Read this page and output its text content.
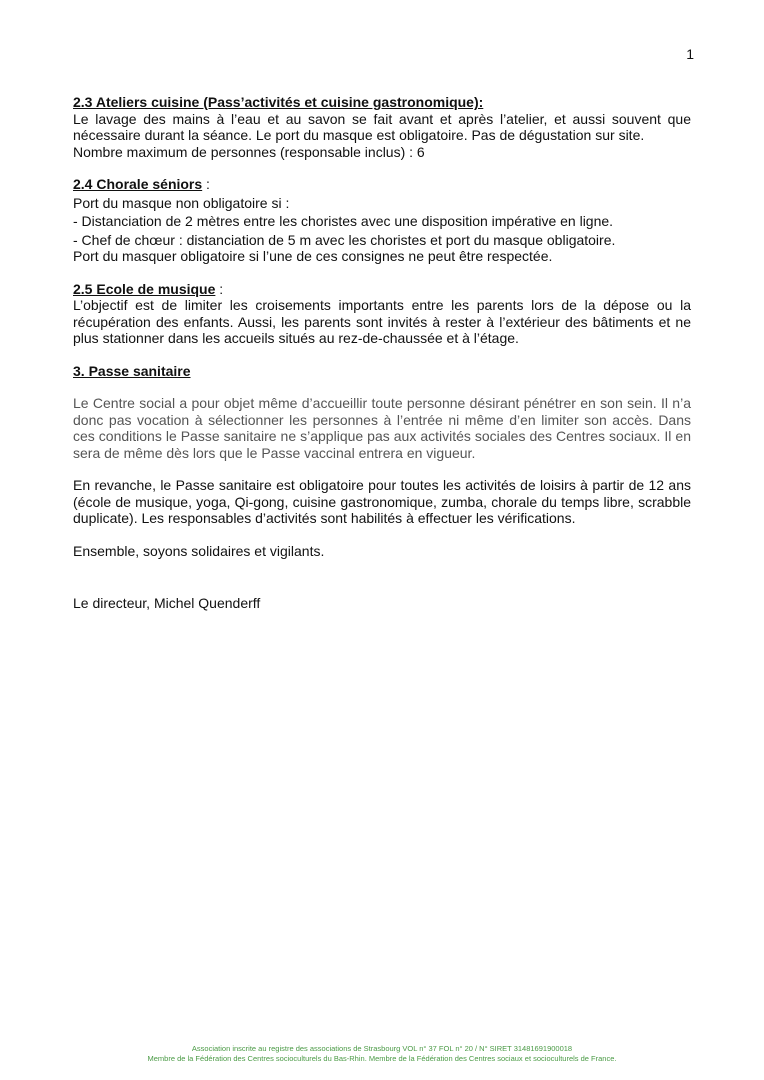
1

2.3 Ateliers cuisine (Pass’activités et cuisine gastronomique):

Le lavage des mains à l’eau et au savon se fait avant et après l’atelier, et aussi souvent que nécessaire durant la séance. Le port du masque est obligatoire. Pas de dégustation sur site.

Nombre maximum de personnes (responsable inclus) : 6

2.4 Chorale séniors :

Port du masque non obligatoire si :

- Distanciation de 2 mètres entre les choristes avec une disposition impérative en ligne.

- Chef de chœur : distanciation de 5 m avec les choristes et port du masque obligatoire.

Port du masquer obligatoire si l’une de ces consignes ne peut être respectée.

2.5 Ecole de musique :

L’objectif est de limiter les croisements importants entre les parents lors de la dépose ou la récupération des enfants. Aussi, les parents sont invités à rester à l’extérieur des bâtiments et ne plus stationner dans les accueils situés au rez-de-chaussée et à l’étage.

3. Passe sanitaire

Le Centre social a pour objet même d’accueillir toute personne désirant pénétrer en son sein. Il n’a donc pas vocation à sélectionner les personnes à l’entrée ni même d’en limiter son accès. Dans ces conditions le Passe sanitaire ne s’applique pas aux activités sociales des Centres sociaux. Il en sera de même dès lors que le Passe vaccinal entrera en vigueur.

En revanche, le Passe sanitaire est obligatoire pour toutes les activités de loisirs à partir de 12 ans (école de musique, yoga, Qi-gong, cuisine gastronomique, zumba, chorale du temps libre, scrabble duplicate). Les responsables d’activités sont habilités à effectuer les vérifications.

Ensemble, soyons solidaires et vigilants.

Le directeur, Michel Quenderff

Association inscrite au registre des associations de Strasbourg VOL n° 37 FOL n° 20 / N° SIRET 31481691900018
Membre de la Fédération des Centres socioculturels du Bas-Rhin. Membre de la Fédération des Centres sociaux et socioculturels de France.
